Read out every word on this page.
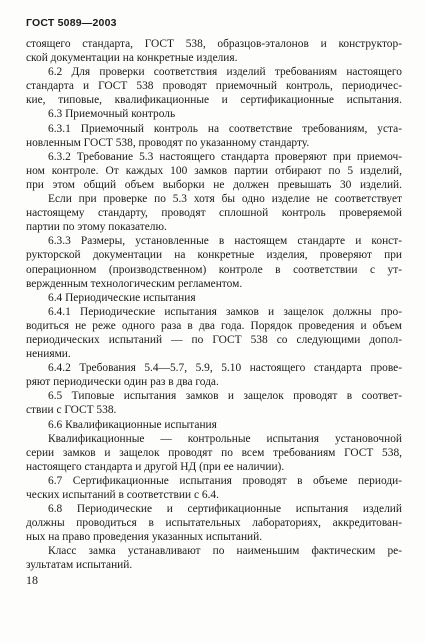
ГОСТ 5089—2003
стоящего стандарта, ГОСТ 538, образцов-эталонов и конструктор-
ской документации на конкретные изделия.
6.2 Для проверки соответствия изделий требованиям настоящего
стандарта и ГОСТ 538 проводят приемочный контроль, периодичес-
кие, типовые, квалификационные и сертификационные испытания.
6.3 Приемочный контроль
6.3.1 Приемочный контроль на соответствие требованиям, уста-
новленным ГОСТ 538, проводят по указанному стандарту.
6.3.2 Требование 5.3 настоящего стандарта проверяют при приемоч-
ном контроле. От каждых 100 замков партии отбирают по 5 изделий,
при этом общий объем выборки не должен превышать 30 изделий.
Если при проверке по 5.3 хотя бы одно изделие не соответствует
настоящему стандарту, проводят сплошной контроль проверяемой
партии по этому показателю.
6.3.3 Размеры, установленные в настоящем стандарте и конст-
рукторской документации на конкретные изделия, проверяют при
операционном (производственном) контроле в соответствии с ут-
вержденным технологическим регламентом.
6.4 Периодические испытания
6.4.1 Периодические испытания замков и защелок должны про-
водиться не реже одного раза в два года. Порядок проведения и объем
периодических испытаний — по ГОСТ 538 со следующими допол-
нениями.
6.4.2 Требования 5.4—5.7, 5.9, 5.10 настоящего стандарта прове-
ряют периодически один раз в два года.
6.5 Типовые испытания замков и защелок проводят в соответ-
ствии с ГОСТ 538.
6.6 Квалификационные испытания
Квалификационные — контрольные испытания установочной
серии замков и защелок проводят по всем требованиям ГОСТ 538,
настоящего стандарта и другой НД (при ее наличии).
6.7 Сертификационные испытания проводят в объеме периоди-
ческих испытаний в соответствии с 6.4.
6.8 Периодические и сертификационные испытания изделий
должны проводиться в испытательных лабораториях, аккредитован-
ных на право проведения указанных испытаний.
Класс замка устанавливают по наименьшим фактическим ре-
зультатам испытаний.
18
